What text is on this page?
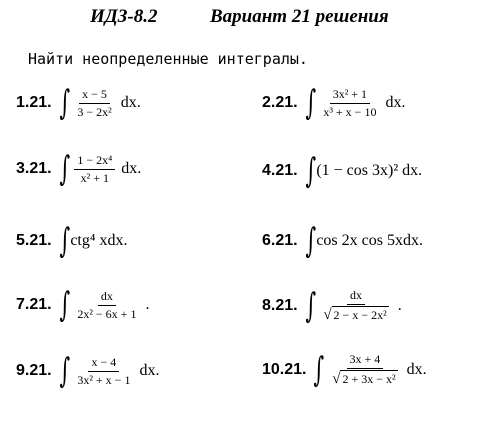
ИДЗ-8.2	Вариант 21 решения
Найти неопределенные интегралы.
1.21. ∫ $\frac{x - 5}{\text{3 − 2x²}}$ dx.	2.21. ∫ $\frac{\text{3x² + 1}}{\text{x³ + x − 10}}$ dx.
3.21. ∫ $\frac{\text{1 − 2x⁴}}{\text{x² + 1}}$ dx.	4.21. ∫ (1 − cos 3x)² dx.
5.21. ∫ ctg⁴ xdx.	6.21. ∫ cos 2x cos 5xdx.
7.21. ∫ $\frac{dx}{\text{2x² − 6x + 1}}$ .	8.21. ∫ $\frac{dx}{\text{√ 2 − x − 2x²}}$ .
9.21. ∫ $\frac{x - 4}{\text{3x² + x − 1}}$ dx.	10.21. ∫ $\frac{3x + 4}{\text{√ 2 + 3x − x²}}$ dx.
